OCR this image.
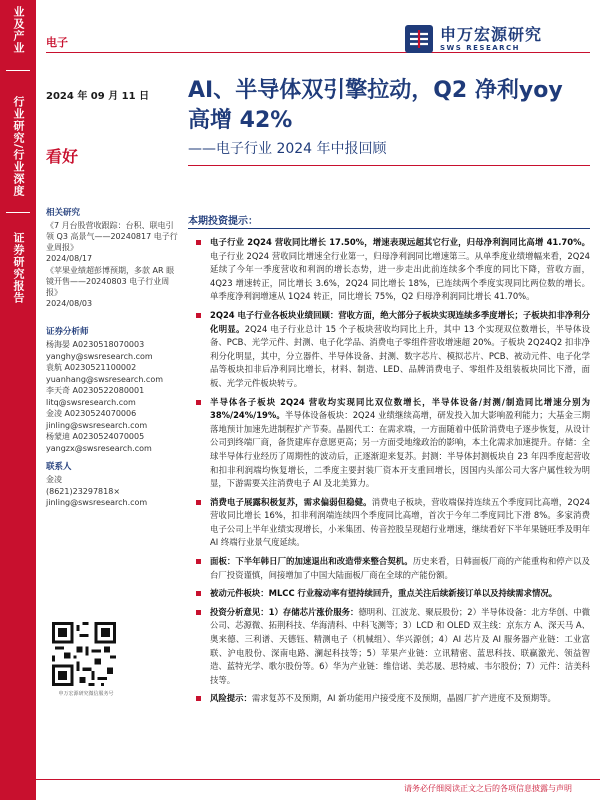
业及产业
行业研究/行业深度
证券研究报告
电子	申万宏源研究
SWS RESEARCH
2024 年 09 月 11 日
看好
AI、半导体双引擎拉动，Q2 净利yoy 高增 42%
——电子行业 2024 年中报回顾
相关研究
《7 月台股营收跟踪：台积、联电引领 Q3 高景气——20240817 电子行业周报》
2024/08/17
《苹果业绩超彭博预期，多款 AR 眼镜开售——20240803 电子行业周报》
2024/08/03
证券分析师
杨海晏 A0230518070003
yanghy@swsresearch.com
袁航 A0230521100002
yuanhang@swsresearch.com
李天奇 A0230522080001
litq@swsresearch.com
金凌 A0230524070006
jinling@swsresearch.com
杨蒙迪 A0230524070005
yangzx@swsresearch.com
联系人
金凌
(8621)23297818×
jinling@swsresearch.com
申万宏源研究微信服务号
本期投资提示：
电子行业 2Q24 营收同比增长 17.50%，增速表现远超其它行业，归母净利润同比高增 41.70%。电子行业 2Q24 营收同比增速全行业第一，归母净利润同比增速第三。从单季度业绩增幅来看，2Q24 延续了今年一季度营收和利润的增长态势，进一步走出此前连续多个季度的同比下降，营收方面，4Q23 增速转正，同比增长 3.6%，2Q24 同比增长 18%，已连续两个季度实现同比两位数的增长。单季度净利润增速从 1Q24 转正，同比增长 75%，Q2 归母净利润同比增长 41.70%。
2Q24 电子行业各板块业绩回顾：营收方面，绝大部分子板块实现连续多季度增长；子板块扣非净利分化明显。2Q24 电子行业总计 15 个子板块营收均同比上升，其中 13 个实现双位数增长，半导体设备、PCB、光学元件、封测、电子化学品、消费电子零组件营收增速超 20%。子板块 2Q24Q2 扣非净利分化明显，其中，分立器件、半导体设备、封测、数字芯片、模拟芯片、PCB、被动元件、电子化学品等板块扣非后净利同比增长，材料、制造、LED、品牌消费电子、零组件及组装板块同比下滑，面板、光学元件板块转亏。
半导体各子板块 2Q24 营收均实现同比双位数增长，半导体设备/封测/制造同比增速分别为 38%/24%/19%。半导体设备板块：2Q24 业绩继续高增，研发投入加大影响盈利能力；大基金三期落地预计加速先进制程扩产节奏。晶圆代工：在需求端，一方面随着中低阶消费电子逐步恢复，从设计公司到终端厂商，备货建库存意愿更高；另一方面受地缘政治的影响，本土化需求加速提升。存储：全球半导体行业经历了周期性的波动后，正逐渐迎来复苏。封测：半导体封测板块自 23 年四季度起营收和扣非利润端均恢复增长，二季度主要封装厂资本开支重回增长，因国内头部公司大客户属性较为明显，下游需要关注消费电子 AI 及北美算力。
消费电子展露积极复苏，需求偏弱但稳健。消费电子板块，营收端保持连续五个季度同比高增，2Q24 营收同比增长 16%，扣非利润端连续四个季度同比高增，首次于今年二季度同比下滑 8%。多家消费电子公司上半年业绩实现增长，小米集团、传音控股呈现超行业增速，继续看好下半年果链旺季及明年 AI 终端行业景气度延续。
面板：下半年韩日厂的加速退出和改造带来整合契机。历史来看，日韩面板厂商的产能重构和停产以及台厂投资谨慎，间接增加了中国大陆面板厂商在全球的产能份额。
被动元件板块：MLCC 行业稼动率有望持续回升，重点关注后续新接订单以及持续需求情况。
投资分析意见：1）存储芯片涨价服务：德明利、江波龙、聚辰股份；2）半导体设备：北方华创、中微公司、芯源微、拓荆科技、华海清科、中科飞测等；3）LCD 和 OLED 双主线：京东方 A、深天马 A、奥来德、三利谱、天德钰、精测电子（机械组）、华兴源创；4）AI 芯片及 AI 服务器产业链：工业富联、沪电股份、深南电路、澜起科技等；5）苹果产业链：立讯精密、蓝思科技、联赢激光、领益智造、蓝特光学、歌尔股份等。6）华为产业链：维信诺、美芯晟、思特威、韦尔股份；7）元件：洁美科技等。
风险提示：需求复苏不及预期，AI 新功能用户接受度不及预期，晶圆厂扩产进度不及预期等。
请务必仔细阅读正文之后的各项信息披露与声明
